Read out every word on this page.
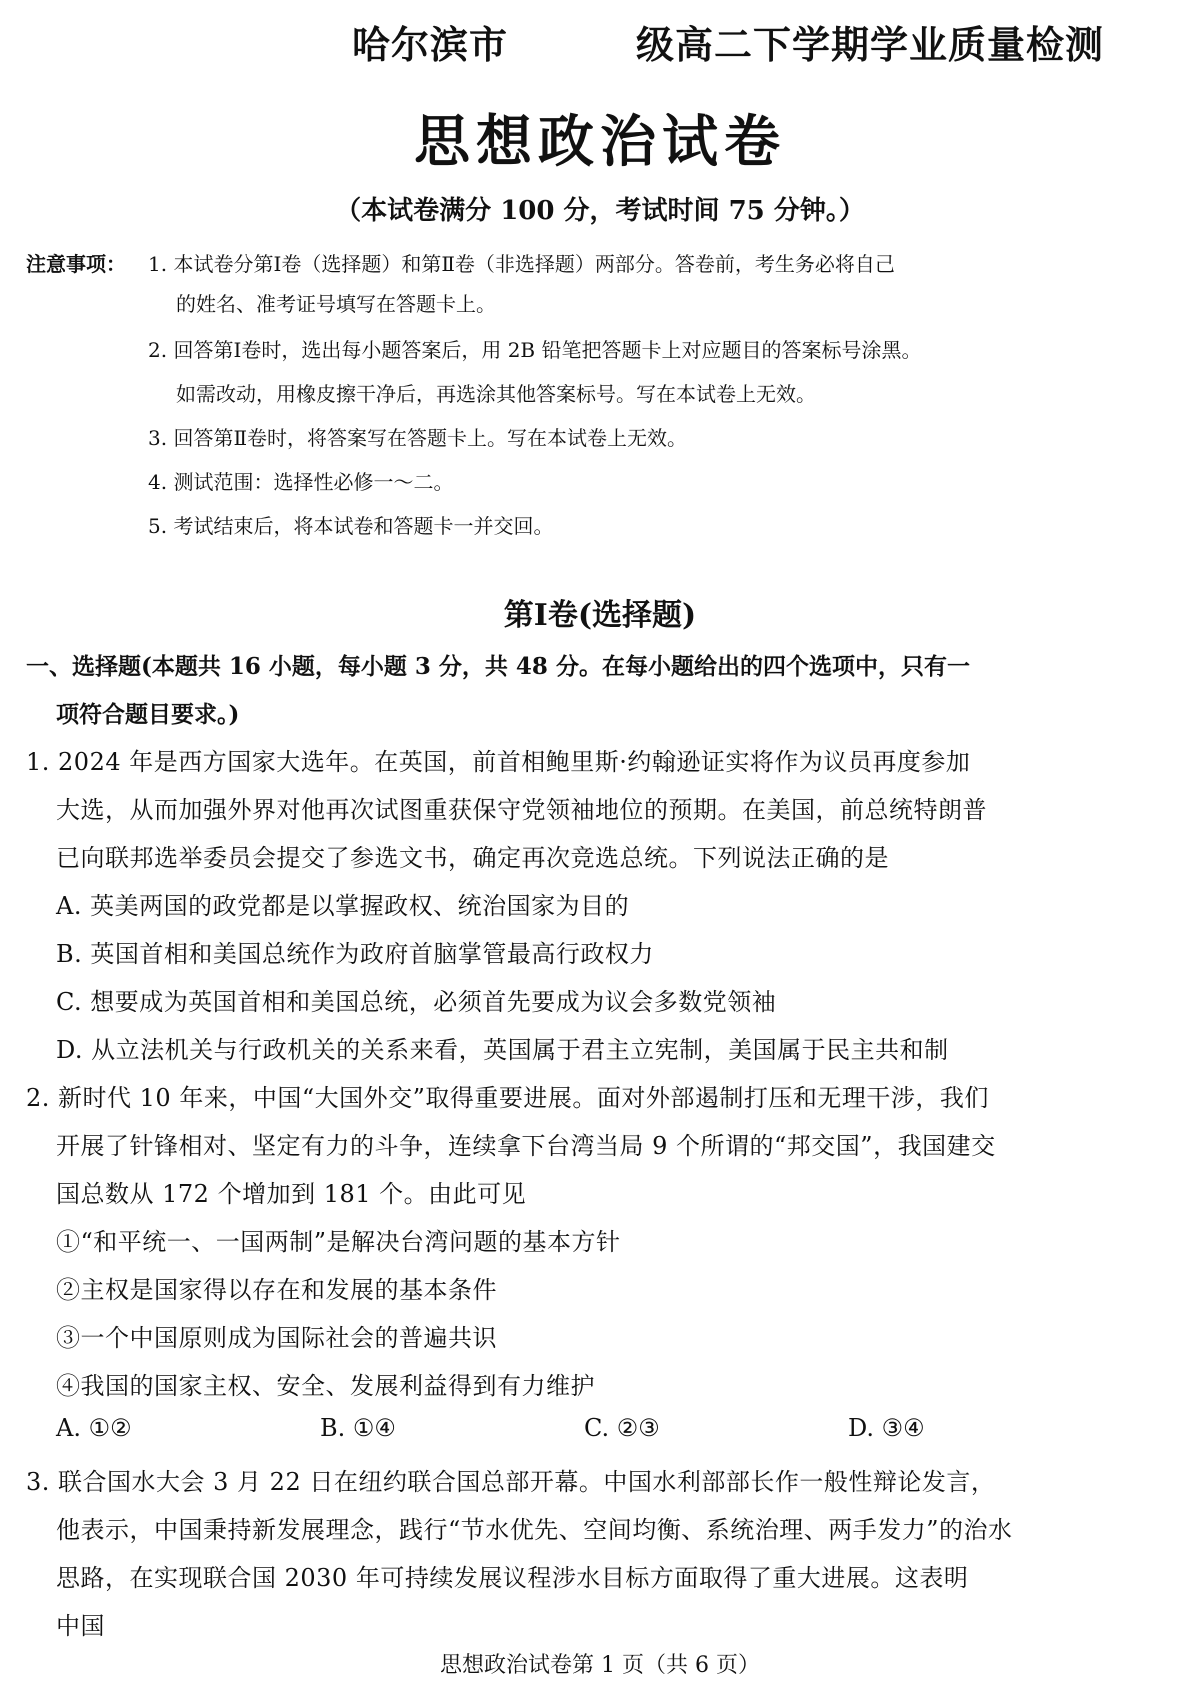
哈尔滨市	级高二下学期学业质量检测
思想政治试卷
（本试卷满分 100 分，考试时间 75 分钟。）
注意事项： 1. 本试卷分第Ⅰ卷（选择题）和第Ⅱ卷（非选择题）两部分。答卷前，考生务必将自己
的姓名、准考证号填写在答题卡上。
2. 回答第Ⅰ卷时，选出每小题答案后，用 2B 铅笔把答题卡上对应题目的答案标号涂黑。
如需改动，用橡皮擦干净后，再选涂其他答案标号。写在本试卷上无效。
3. 回答第Ⅱ卷时，将答案写在答题卡上。写在本试卷上无效。
4. 测试范围：选择性必修一～二。
5. 考试结束后，将本试卷和答题卡一并交回。
第Ⅰ卷(选择题)
一、选择题(本题共 16 小题，每小题 3 分，共 48 分。在每小题给出的四个选项中，只有一
项符合题目要求。)
1. 2024 年是西方国家大选年。在英国，前首相鲍里斯·约翰逊证实将作为议员再度参加
大选，从而加强外界对他再次试图重获保守党领袖地位的预期。在美国，前总统特朗普
已向联邦选举委员会提交了参选文书，确定再次竞选总统。下列说法正确的是
A. 英美两国的政党都是以掌握政权、统治国家为目的
B. 英国首相和美国总统作为政府首脑掌管最高行政权力
C. 想要成为英国首相和美国总统，必须首先要成为议会多数党领袖
D. 从立法机关与行政机关的关系来看，英国属于君主立宪制，美国属于民主共和制
2. 新时代 10 年来，中国“大国外交”取得重要进展。面对外部遏制打压和无理干涉，我们
开展了针锋相对、坚定有力的斗争，连续拿下台湾当局 9 个所谓的“邦交国”，我国建交
国总数从 172 个增加到 181 个。由此可见
①“和平统一、一国两制”是解决台湾问题的基本方针
②主权是国家得以存在和发展的基本条件
③一个中国原则成为国际社会的普遍共识
④我国的国家主权、安全、发展利益得到有力维护
A. ①②	B. ①④	C. ②③	D. ③④
3. 联合国水大会 3 月 22 日在纽约联合国总部开幕。中国水利部部长作一般性辩论发言，
他表示，中国秉持新发展理念，践行“节水优先、空间均衡、系统治理、两手发力”的治水
思路，在实现联合国 2030 年可持续发展议程涉水目标方面取得了重大进展。这表明
中国
思想政治试卷第 1 页（共 6 页）
